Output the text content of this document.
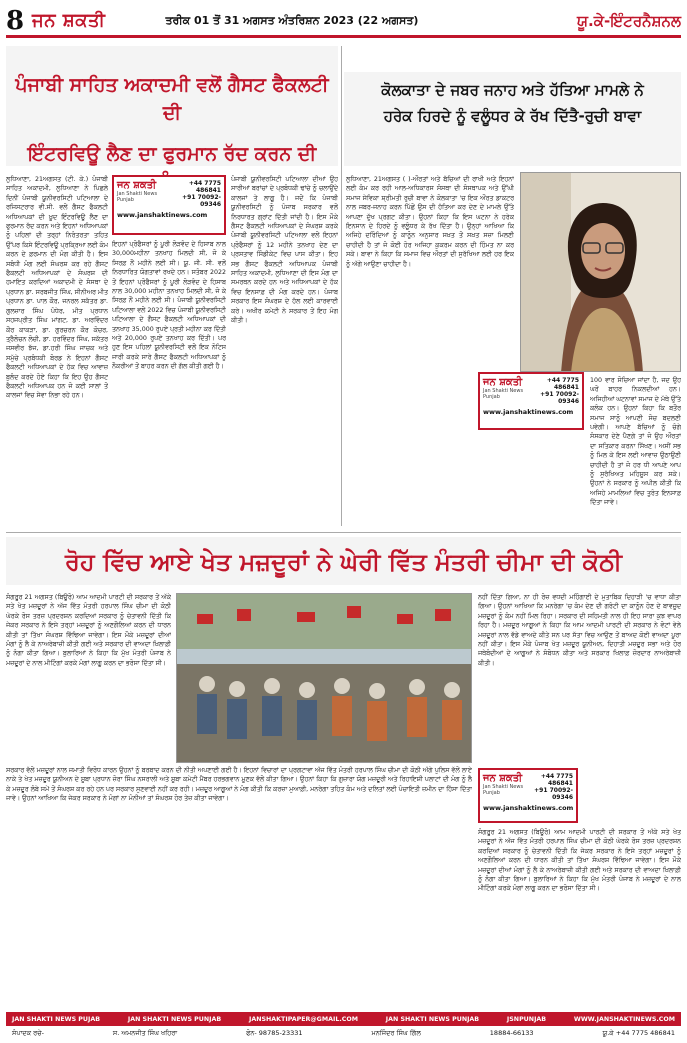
8 ਜਨ ਸ਼ਕਤੀ	ਤਰੀਕ 01 ਤੋਂ 31 ਅਗਸਤ ਅੰਤਰਿਸ਼ਨ 2023 (22 ਅਗਸਤ)	ਯੂ.ਕੇ-ਇੰਟਰਨੈਸ਼ਨਲ
ਪੰਜਾਬੀ ਸਾਹਿਤ ਅਕਾਦਮੀ ਵਲੋਂ ਗੈਸਟ ਫੈਕਲਟੀ ਦੀ
ਇੰਟਰਵਿਊ ਲੈਣ ਦਾ ਫੁਰਮਾਨ ਰੱਦ ਕਰਨ ਦੀ
ਕੋਲਕਾਤਾ ਦੇ ਜਬਰ ਜਨਾਹ ਅਤੇ ਹੱਤਿਆ ਮਾਮਲੇ ਨੇ
ਹਰੇਕ ਹਿਰਦੇ ਨੂੰ ਵਲੂੰਧਰ ਕੇ ਰੱਖ ਦਿੱਤੈ-ਰੁਚੀ ਬਾਵਾ

ਲੁਧਿਆਣਾ, 21ਅਗਸਤ (ਟੀ. ਕੇ.) ਪੰਜਾਬੀ ਸਾਹਿਤ ਅਕਾਦਮੀ, ਲੁਧਿਆਣਾ ਨੇ ਪਿਛਲੇ ਦਿਨੀਂ ਪੰਜਾਬੀ ਯੂਨੀਵਰਸਿਟੀ ਪਟਿਆਲਾ ਦੇ ਰਜਿਸਟਰਾਰ ਵੀ.ਸੀ. ਵਲੋਂ ਗੈਸਟ ਫੈਕਲਟੀ ਅਧਿਆਪਕਾਂ ਦੀ ਖ਼ੂਦ ਇੰਟਰਵਿਊ ਲੈਣ ਦਾ ਫੁਰਮਾਨ ਰੱਦ ਕਰਨ ਅਤੇ ਇਹਨਾਂ ਅਧਿਆਪਕਾਂ ਨੂੰ ਪਹਿਲਾਂ ਦੀ ਤਰ੍ਹਾਂ ਨਿਰੰਤਰਤਾ ਤਹਿਤ ਉੱਪਰ ਕਿਸੇ ਇੰਟਰਵਿਊ ਪ੍ਰਕ੍ਰਿਆ ਲਈ ਕੰਮ ਕਰਨ ਦੇ ਫ਼ਰਮਾਨ ਦੀ ਮੰਗ ਕੀਤੀ ਹੈ। ਇਸ ਸਬੰਧੀ ਮੰਗ ਲਈ ਸੰਘਰਸ਼ ਕਰ ਰਹੇ ਗੈਸਟ ਫੈਕਲਟੀ ਅਧਿਆਪਕਾਂ ਦੇ ਸੰਘਰਸ਼ ਦੀ ਹਮਾਇਤ ਕਰਦਿਆਂ ਅਕਾਦਮੀ ਦੇ ਸੰਸਥਾ ਦੇ ਪ੍ਰਧਾਨ ਡਾ. ਸਰਬਜੀਤ ਸਿੰਘ, ਸੀਨੀਅਰ ਮੀਤ ਪ੍ਰਧਾਨ ਡਾ. ਪਾਲ ਕੌਰ, ਜਨਰਲ ਸਕੱਤਰ ਡਾ. ਗੁਲਜ਼ਾਰ ਸਿੰਘ ਪੰਧੇਰ, ਮੀਤ ਪ੍ਰਧਾਨ ਸਹਜਪ੍ਰੀਤ ਸਿੰਘ ਮਾਂਗਟ, ਡਾ. ਅਰਵਿੰਦਰ ਕੌਰ ਕਾਕੜਾ, ਡਾ. ਗੁਰਚਰਨ ਕੌਰ ਕੋਚਰ, ਤ੍ਰੈਲੋਚਨ ਲੋਚੀ, ਡਾ. ਹਰਵਿੰਦਰ ਸਿੰਘ, ਸਕੱਤਰ ਜਸਵੀਰ ਝੱਜ, ਡਾ.ਹਰੀ ਸਿੰਘ ਜਾਚਕ ਅਤੇ ਸਮੁੱਚੇ ਪ੍ਰਬੰਧਕੀ ਬੋਰਡ ਨੇ ਇਹਨਾਂ ਗੈਸਟ ਫੈਕਲਟੀ ਅਧਿਆਪਕਾਂ ਦੇ ਹੱਕ ਵਿਚ ਆਵਾਜ਼ ਬੁਲੰਦ ਕਰਦੇ ਹੋਏ ਕਿਹਾ ਕਿ ਇਹ ਉਹ ਗੈਸਟ ਫੈਕਲਟੀ ਅਧਿਆਪਕ ਹਨ ਜੋ ਕਈ ਸਾਲਾਂ ਤੋਂ ਕਾਲਜਾਂ ਵਿਚ ਸੇਵਾ ਨਿਭਾ ਰਹੇ ਹਨ।

ਜਨ ਸ਼ਕਤੀ
Jan Shakti News Punjab
+44 7775 486841
+91 70092-09346
www.janshaktinews.com

ਇਹਨਾਂ ਪ੍ਰੋਫੈਸਰਾਂ ਨੂੰ ਪੂਰੀ ਲੋੜਵੰਦ ਦੇ ਹਿਸਾਬ ਨਾਲ 30,000ਮਹੀਨਾ ਤਨਖਾਹ ਮਿਲਦੀ ਸੀ, ਜੋ ਕੇ ਸਿਰਫ਼ ਨੌਂ ਮਹੀਨੇ ਲਈ ਸੀ। ਯੂ. ਜੀ. ਸੀ. ਵਲੋਂ ਨਿਰਧਾਰਿਤ ਯੋਗਤਾਵਾਂ ਰਖਦੇ ਹਨ। ਸਤੰਬਰ 2022 ਤੋਂ ਇਹਨਾਂ ਪ੍ਰੋਫੈਸਰਾਂ ਨੂੰ ਪੂਰੀ ਲੋੜਵੰਦ ਦੇ ਹਿਸਾਬ ਨਾਲ 30,000 ਮਹੀਨਾ ਤਨਖਾਹ ਮਿਲਦੀ ਸੀ, ਜੋ ਕੇ ਸਿਰਫ਼ ਨੌਂ ਮਹੀਨੇ ਲਈ ਸੀ। ਪੰਜਾਬੀ ਯੂਨੀਵਰਸਿਟੀ ਪਟਿਆਲਾ ਵਲੋਂ 2022 ਵਿਚ ਪੰਜਾਬੀ ਯੂਨੀਵਰਸਿਟੀ ਪਟਿਆਲਾ ਦੇ ਗੈਸਟ ਫੈਕਲਟੀ ਅਧਿਆਪਕਾਂ ਦੀ ਤਨਖਾਹ 35,000 ਰੁਪਏ ਪ੍ਰਤੀ ਮਹੀਨਾ ਕਰ ਦਿੱਤੀ ਅਤੇ 20,000 ਰੁਪਏ ਤਨਖਾਹ ਕਰ ਦਿੱਤੀ। ਪਰ ਹੁਣ ਇਸ ਪਹਿਲਾਂ ਯੂਨੀਵਰਸਿਟੀ ਵਲੋਂ ਇਕ ਨੋਟਿਸ ਜਾਰੀ ਕਰਕੇ ਸਾਰੇ ਗੈਸਟ ਫੈਕਲਟੀ ਅਧਿਆਪਕਾਂ ਨੂੰ ਨੌਕਰੀਆਂ ਤੋਂ ਬਾਹਰ ਕਰਨ ਦੀ ਗੱਲ ਕੀਤੀ ਗਈ ਹੈ।

ਪੰਜਾਬੀ ਯੂਨੀਵਰਸਿਟੀ ਪਟਿਆਲਾ ਦੀਆਂ ਉਹ ਸਾਰੀਆਂ ਬਰਾਂਚਾਂ ਦੇ ਪ੍ਰਬੰਧਕੀ ਢਾਂਚੇ ਨੂੰ ਚਲਾਉਂਦੇ ਕਾਲਜਾਂ ਤੇ ਲਾਗੂ ਹੈ। ਜਦੋਂ ਕਿ ਪੰਜਾਬੀ ਯੂਨੀਵਰਸਿਟੀ ਨੂੰ ਪੰਜਾਬ ਸਰਕਾਰ ਵਲੋਂ ਨਿਰਧਾਰਤ ਗ੍ਰਾਂਟ ਦਿੱਤੀ ਜਾਂਦੀ ਹੈ। ਇਸ ਮੌਕੇ ਗੈਸਟ ਫੈਕਲਟੀ ਅਧਿਆਪਕਾਂ ਦੇ ਸੰਘਰਸ਼ ਕਰਕੇ ਪੰਜਾਬੀ ਯੂਨੀਵਰਸਿਟੀ ਪਟਿਆਲਾ ਵਲੋਂ ਇਹਨਾਂ ਪ੍ਰੋਫੈਸਰਾਂ ਨੂੰ 12 ਮਹੀਨੇ ਤਨਖਾਹ ਦੇਣ ਦਾ ਪ੍ਰਸਤਾਵ ਸਿੰਡੀਕੇਟ ਵਿਚ ਪਾਸ ਕੀਤਾ। ਇਹ ਸਭ ਗੈਸਟ ਫੈਕਲਟੀ ਅਧਿਆਪਕ ਪੰਜਾਬੀ ਸਾਹਿਤ ਅਕਾਦਮੀ, ਲੁਧਿਆਣਾ ਦੀ ਇਸ ਮੰਗ ਦਾ ਸਮਰਥਨ ਕਰਦੇ ਹਨ ਅਤੇ ਅਧਿਆਪਕਾਂ ਦੇ ਹੱਕ ਵਿਚ ਇਨਸਾਫ਼ ਦੀ ਮੰਗ ਕਰਦੇ ਹਨ। ਪੰਜਾਬ ਸਰਕਾਰ ਇਸ ਸੰਘਰਸ਼ ਦੇ ਹੱਲ ਲਈ ਕਾਰਵਾਈ ਕਰੇ। ਅਖੀਰ ਕਮੇਟੀ ਨੇ ਸਰਕਾਰ ਤੋਂ ਇਹ ਮੰਗ ਕੀਤੀ।

ਲੁਧਿਆਣਾ, 21ਅਗਸਤ ( )-ਔਰਤਾਂ ਅਤੇ ਬੱਚਿਆਂ ਦੀ ਰਾਖੀ ਅਤੇ ਇਹਨਾਂ ਲਈ ਕੰਮ ਕਰ ਰਹੀ ਆਲ-ਅਧਿਕਾਰਸ ਸੰਸਥਾ ਦੀ ਸੰਸਥਾਪਕ ਅਤੇ ਉੱਘੀ ਸਮਾਜ ਸੇਵਿਕਾ ਸ਼੍ਰੀਮਤੀ ਰੁਚੀ ਬਾਵਾ ਨੇ ਕੋਲਕਾਤਾ 'ਚ ਇਕ ਔਰਤ ਡਾਕਟਰ ਨਾਲ ਜਬਰ-ਜਨਾਹ ਕਰਨ ਪਿੱਛੋਂ ਉਸ ਦੀ ਹੱਤਿਆ ਕਰ ਦੇਣ ਦੇ ਮਾਮਲੇ ਉੱਤੇ ਆਪਣਾ ਦੁੱਖ ਪ੍ਰਗਟ ਕੀਤਾ। ਉਹਨਾਂ ਕਿਹਾ ਕਿ ਇਸ ਘਟਨਾ ਨੇ ਹਰੇਕ ਇਨਸਾਨ ਦੇ ਹਿਰਦੇ ਨੂੰ ਵਲੂੰਧਰ ਕੇ ਰੱਖ ਦਿੱਤਾ ਹੈ। ਉਨ੍ਹਾਂ ਆਖਿਆ ਕਿ ਅਜਿਹੇ ਦਰਿੰਦਿਆਂ ਨੂੰ ਕਾਨੂੰਨ ਅਨੁਸਾਰ ਸਖ਼ਤ ਤੋਂ ਸਖ਼ਤ ਸਜ਼ਾ ਮਿਲਣੀ ਚਾਹੀਦੀ ਹੈ ਤਾਂ ਜੋ ਕੋਈ ਹੋਰ ਅਜਿਹਾ ਕੁਕਰਮ ਕਰਨ ਦੀ ਹਿੰਮਤ ਨਾ ਕਰ ਸਕੇ। ਬਾਵਾ ਨੇ ਕਿਹਾ ਕਿ ਸਮਾਜ ਵਿਚ ਔਰਤਾਂ ਦੀ ਸੁਰੱਖਿਆ ਲਈ ਹਰ ਇਕ ਨੂੰ ਅੱਗੇ ਆਉਣਾ ਚਾਹੀਦਾ ਹੈ।

ਜਨ ਸ਼ਕਤੀ
Jan Shakti News Punjab
+44 7775 486841
+91 70092-09346
www.janshaktinews.com

100 ਵਾਰ ਸੋਚਿਆ ਜਾਂਦਾ ਹੈ, ਜਦ ਉਹ ਘਰੋਂ ਬਾਹਰ ਨਿਕਲਦੀਆਂ ਹਨ। ਅਜਿਹੀਆਂ ਘਟਨਾਵਾਂ ਸਮਾਜ ਦੇ ਮੱਥੇ ਉੱਤੇ ਕਲੰਕ ਹਨ। ਉਹਨਾਂ ਕਿਹਾ ਕਿ ਬਤੌਰ ਸਮਾਜ ਸਾਨੂੰ ਆਪਣੀ ਸੋਚ ਬਦਲਣੀ ਪਵੇਗੀ। ਆਪਣੇ ਬੱਚਿਆਂ ਨੂੰ ਚੰਗੇ ਸੰਸਕਾਰ ਦੇਣੇ ਪੈਣਗੇ ਤਾਂ ਜੋ ਉਹ ਔਰਤਾਂ ਦਾ ਸਤਿਕਾਰ ਕਰਨਾ ਸਿੱਖਣ। ਅਸੀਂ ਸਭ ਨੂੰ ਮਿਲ ਕੇ ਇਸ ਲਈ ਆਵਾਜ਼ ਉਠਾਉਣੀ ਚਾਹੀਦੀ ਹੈ ਤਾਂ ਜੋ ਹਰ ਧੀ ਆਪਣੇ ਆਪ ਨੂੰ ਸੁਰੱਖਿਅਤ ਮਹਿਸੂਸ ਕਰ ਸਕੇ। ਉਹਨਾਂ ਨੇ ਸਰਕਾਰ ਨੂੰ ਅਪੀਲ ਕੀਤੀ ਕਿ ਅਜਿਹੇ ਮਾਮਲਿਆਂ ਵਿਚ ਤੁਰੰਤ ਇਨਸਾਫ਼ ਦਿੱਤਾ ਜਾਵੇ।

ਰੋਹ ਵਿੱਚ ਆਏ ਖੇਤ ਮਜ਼ਦੂਰਾਂ ਨੇ ਘੇਰੀ ਵਿੱਤ ਮੰਤਰੀ ਚੀਮਾ ਦੀ ਕੋਠੀ

ਸੰਗਰੂਰ 21 ਅਗਸਤ (ਬਿਊਰੋ) ਆਮ ਆਦਮੀ ਪਾਰਟੀ ਦੀ ਸਰਕਾਰ ਤੋਂ ਅੱਕੇ ਸਤੇ ਖੇਤ ਮਜ਼ਦੂਰਾਂ ਨੇ ਅੱਜ ਵਿੱਤ ਮੰਤਰੀ ਹਰਪਾਲ ਸਿੰਘ ਚੀਮਾ ਦੀ ਕੋਠੀ ਘੇਰਕੇ ਰੋਸ ਤਰਜ਼ ਪ੍ਰਦਰਸ਼ਨ ਕਰਦਿਆਂ ਸਰਕਾਰ ਨੂੰ ਚੇਤਾਵਨੀ ਦਿੱਤੀ ਕਿ ਜੇਕਰ ਸਰਕਾਰ ਨੇ ਇਸੇ ਤਰ੍ਹਾਂ ਮਜ਼ਦੂਰਾਂ ਨੂੰ ਅਣਗੌਲਿਆਂ ਕਰਨ ਦੀ ਧਾਰਨ ਕੀਤੀ ਤਾਂ ਤਿੱਖਾ ਸੰਘਰਸ਼ ਵਿੱਢਿਆ ਜਾਵੇਗਾ। ਇਸ ਮੌਕੇ ਮਜ਼ਦੂਰਾਂ ਦੀਆਂ ਮੰਗਾਂ ਨੂੰ ਲੈ ਕੇ ਨਾਅਰੇਬਾਜ਼ੀ ਕੀਤੀ ਗਈ ਅਤੇ ਸਰਕਾਰ ਦੀ ਵਾਅਦਾ ਖ਼ਿਲਾਫ਼ੀ ਨੂੰ ਨੰਗਾ ਕੀਤਾ ਗਿਆ। ਬੁਲਾਰਿਆਂ ਨੇ ਕਿਹਾ ਕਿ ਮੁੱਖ ਮੰਤਰੀ ਪੰਜਾਬ ਨੇ ਮਜ਼ਦੂਰਾਂ ਦੇ ਨਾਲ ਮੀਟਿੰਗਾਂ ਕਰਕੇ ਮੰਗਾਂ ਲਾਗੂ ਕਰਨ ਦਾ ਭਰੋਸਾ ਦਿੱਤਾ ਸੀ।

ਜਨ ਸ਼ਕਤੀ
Jan Shakti News Punjab
+44 7775 486841
+91 70092-09346
www.janshaktinews.com

ਸਰਕਾਰ ਵੱਲੋਂ ਮਜ਼ਦੂਰਾਂ ਨਾਲ ਜਮਾਤੀ ਵਿਰੋਧ ਕਾਰਨ ਉਹਨਾਂ ਨੂੰ ਬਰਬਾਦ ਕਰਨ ਦੀ ਨੀਤੀ ਅਪਣਾਈ ਗਈ ਹੈ। ਇਹਨਾਂ ਵਿਚਾਰਾਂ ਦਾ ਪ੍ਰਗਟਾਵਾ ਅੱਜ ਵਿੱਤ ਮੰਤਰੀ ਹਰਪਾਲ ਸਿੰਘ ਚੀਮਾ ਦੀ ਕੋਠੀ ਅੱਗੇ ਪੁਲਿਸ ਵੱਲੋਂ ਲਾਏ ਨਾਕੇ ਤੇ ਖੇਤ ਮਜ਼ਦੂਰ ਯੂਨੀਅਨ ਦੇ ਸੂਬਾ ਪ੍ਰਧਾਨ ਜ਼ੋਰਾ ਸਿੰਘ ਨਸਰਾਲੀ ਅਤੇ ਸੂਬਾ ਕਮੇਟੀ ਮੈਂਬਰ ਹਰਭਗਵਾਨ ਮੂਣਕ ਵੱਲੋਂ ਕੀਤਾ ਗਿਆ। ਉਹਨਾਂ ਕਿਹਾ ਕਿ ਗੁਜ਼ਾਰਾ ਯੋਗ ਮਜ਼ਦੂਰੀ ਅਤੇ ਰਿਹਾਇਸ਼ੀ ਪਲਾਟਾਂ ਦੀ ਮੰਗ ਨੂੰ ਲੈ ਕੇ ਮਜ਼ਦੂਰ ਲੰਬੇ ਸਮੇਂ ਤੋਂ ਸੰਘਰਸ਼ ਕਰ ਰਹੇ ਹਨ ਪਰ ਸਰਕਾਰ ਸੁਣਵਾਈ ਨਹੀਂ ਕਰ ਰਹੀ। ਮਜ਼ਦੂਰ ਆਗੂਆਂ ਨੇ ਮੰਗ ਕੀਤੀ ਕਿ ਕਰਜ਼ਾ ਮੁਆਫ਼ੀ, ਮਨਰੇਗਾ ਤਹਿਤ ਕੰਮ ਅਤੇ ਦਲਿਤਾਂ ਲਈ ਪੰਚਾਇਤੀ ਜ਼ਮੀਨ ਦਾ ਹਿੱਸਾ ਦਿੱਤਾ ਜਾਵੇ। ਉਹਨਾਂ ਆਖਿਆ ਕਿ ਜੇਕਰ ਸਰਕਾਰ ਨੇ ਮੰਗਾਂ ਨਾ ਮੰਨੀਆਂ ਤਾਂ ਸੰਘਰਸ਼ ਹੋਰ ਤੇਜ਼ ਕੀਤਾ ਜਾਵੇਗਾ।

ਨਹੀਂ ਦਿੱਤਾ ਗਿਆ, ਨਾ ਹੀ ਰੋਜ਼ ਵਧਦੀ ਮਹਿੰਗਾਈ ਦੇ ਮੁਤਾਬਿਕ ਦਿਹਾੜੀ 'ਚ ਵਾਧਾ ਕੀਤਾ ਗਿਆ। ਉਹਨਾਂ ਆਖਿਆ ਕਿ ਮਨਰੇਗਾ 'ਚ ਕੰਮ ਦੇਣ ਦੀ ਗਰੰਟੀ ਦਾ ਕਾਨੂੰਨ ਹੋਣ ਦੇ ਬਾਵਜੂਦ ਮਜ਼ਦੂਰਾਂ ਨੂੰ ਕੰਮ ਨਹੀਂ ਮਿਲ ਰਿਹਾ। ਸਰਕਾਰ ਦੀ ਸਹਿਮਤੀ ਨਾਲ ਹੀ ਇਹ ਸਾਰਾ ਕੁਝ ਵਾਪਰ ਰਿਹਾ ਹੈ। ਮਜ਼ਦੂਰ ਆਗੂਆਂ ਨੇ ਕਿਹਾ ਕਿ ਆਮ ਆਦਮੀ ਪਾਰਟੀ ਦੀ ਸਰਕਾਰ ਨੇ ਵੋਟਾਂ ਵੇਲੇ ਮਜ਼ਦੂਰਾਂ ਨਾਲ ਵੱਡੇ ਵਾਅਦੇ ਕੀਤੇ ਸਨ ਪਰ ਸੱਤਾ ਵਿਚ ਆਉਣ ਤੋਂ ਬਾਅਦ ਕੋਈ ਵਾਅਦਾ ਪੂਰਾ ਨਹੀਂ ਕੀਤਾ। ਇਸ ਮੌਕੇ ਪੰਜਾਬ ਖੇਤ ਮਜ਼ਦੂਰ ਯੂਨੀਅਨ, ਦਿਹਾਤੀ ਮਜ਼ਦੂਰ ਸਭਾ ਅਤੇ ਹੋਰ ਜਥੇਬੰਦੀਆਂ ਦੇ ਆਗੂਆਂ ਨੇ ਸੰਬੋਧਨ ਕੀਤਾ ਅਤੇ ਸਰਕਾਰ ਖਿਲਾਫ਼ ਜ਼ੋਰਦਾਰ ਨਾਅਰੇਬਾਜ਼ੀ ਕੀਤੀ।

ਸੰਗਰੂਰ 21 ਅਗਸਤ (ਬਿਊਰੋ) ਆਮ ਆਦਮੀ ਪਾਰਟੀ ਦੀ ਸਰਕਾਰ ਤੋਂ ਅੱਕੇ ਸਤੇ ਖੇਤ ਮਜ਼ਦੂਰਾਂ ਨੇ ਅੱਜ ਵਿੱਤ ਮੰਤਰੀ ਹਰਪਾਲ ਸਿੰਘ ਚੀਮਾ ਦੀ ਕੋਠੀ ਘੇਰਕੇ ਰੋਸ ਤਰਜ਼ ਪ੍ਰਦਰਸ਼ਨ ਕਰਦਿਆਂ ਸਰਕਾਰ ਨੂੰ ਚੇਤਾਵਨੀ ਦਿੱਤੀ ਕਿ ਜੇਕਰ ਸਰਕਾਰ ਨੇ ਇਸੇ ਤਰ੍ਹਾਂ ਮਜ਼ਦੂਰਾਂ ਨੂੰ ਅਣਗੌਲਿਆਂ ਕਰਨ ਦੀ ਧਾਰਨ ਕੀਤੀ ਤਾਂ ਤਿੱਖਾ ਸੰਘਰਸ਼ ਵਿੱਢਿਆ ਜਾਵੇਗਾ। ਇਸ ਮੌਕੇ ਮਜ਼ਦੂਰਾਂ ਦੀਆਂ ਮੰਗਾਂ ਨੂੰ ਲੈ ਕੇ ਨਾਅਰੇਬਾਜ਼ੀ ਕੀਤੀ ਗਈ ਅਤੇ ਸਰਕਾਰ ਦੀ ਵਾਅਦਾ ਖ਼ਿਲਾਫ਼ੀ ਨੂੰ ਨੰਗਾ ਕੀਤਾ ਗਿਆ। ਬੁਲਾਰਿਆਂ ਨੇ ਕਿਹਾ ਕਿ ਮੁੱਖ ਮੰਤਰੀ ਪੰਜਾਬ ਨੇ ਮਜ਼ਦੂਰਾਂ ਦੇ ਨਾਲ ਮੀਟਿੰਗਾਂ ਕਰਕੇ ਮੰਗਾਂ ਲਾਗੂ ਕਰਨ ਦਾ ਭਰੋਸਾ ਦਿੱਤਾ ਸੀ।

JAN SHAKTI NEWS PUJAB	JAN SHAKTI NEWS PUNJAB	JANSHAKTIPAPER@GMAIL.COM	JAN SHAKTI NEWS PUNJAB	JSNPUNJAB	WWW.JANSHAKTINEWS.COM
ਸੰਪਾਦਕ ਰਚੇ-	ਸ. ਅਮਨਜੀਤ ਸਿੰਘ ਖਹਿਰਾ	ਫੋਨ- 98785-23331	ਮਨਜਿੰਦਰ ਸਿੰਘ ਗਿੱਲ	18884-66133	ਯੂ.ਕੇ +44 7775 486841
